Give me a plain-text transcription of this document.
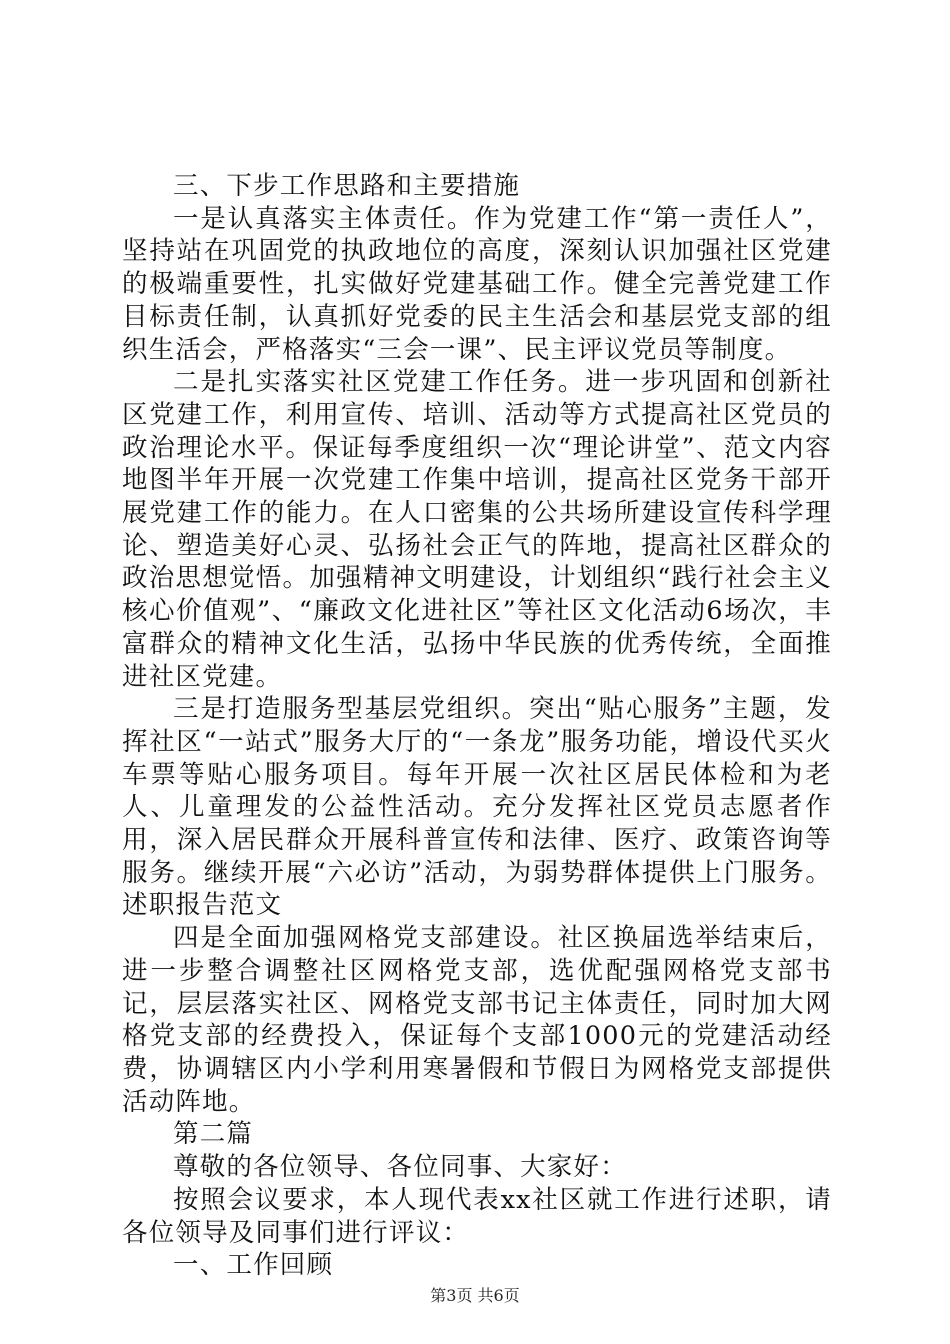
三、下步工作思路和主要措施

一是认真落实主体责任。作为党建工作“第一责任人”，坚持站在巩固党的执政地位的高度，深刻认识加强社区党建的极端重要性，扎实做好党建基础工作。健全完善党建工作目标责任制，认真抓好党委的民主生活会和基层党支部的组织生活会，严格落实“三会一课”、民主评议党员等制度。

二是扎实落实社区党建工作任务。进一步巩固和创新社区党建工作，利用宣传、培训、活动等方式提高社区党员的政治理论水平。保证每季度组织一次“理论讲堂”、范文内容地图半年开展一次党建工作集中培训，提高社区党务干部开展党建工作的能力。在人口密集的公共场所建设宣传科学理论、塑造美好心灵、弘扬社会正气的阵地，提高社区群众的政治思想觉悟。加强精神文明建设，计划组织“践行社会主义核心价值观”、“廉政文化进社区”等社区文化活动6场次，丰富群众的精神文化生活，弘扬中华民族的优秀传统，全面推进社区党建。

三是打造服务型基层党组织。突出“贴心服务”主题，发挥社区“一站式”服务大厅的“一条龙”服务功能，增设代买火车票等贴心服务项目。每年开展一次社区居民体检和为老人、儿童理发的公益性活动。充分发挥社区党员志愿者作用，深入居民群众开展科普宣传和法律、医疗、政策咨询等服务。继续开展“六必访”活动，为弱势群体提供上门服务。述职报告范文

四是全面加强网格党支部建设。社区换届选举结束后，进一步整合调整社区网格党支部，选优配强网格党支部书记，层层落实社区、网格党支部书记主体责任，同时加大网格党支部的经费投入，保证每个支部1000元的党建活动经费，协调辖区内小学利用寒暑假和节假日为网格党支部提供活动阵地。

第二篇

尊敬的各位领导、各位同事、大家好：

按照会议要求，本人现代表xx社区就工作进行述职，请各位领导及同事们进行评议：

一、工作回顾

第3页 共6页
